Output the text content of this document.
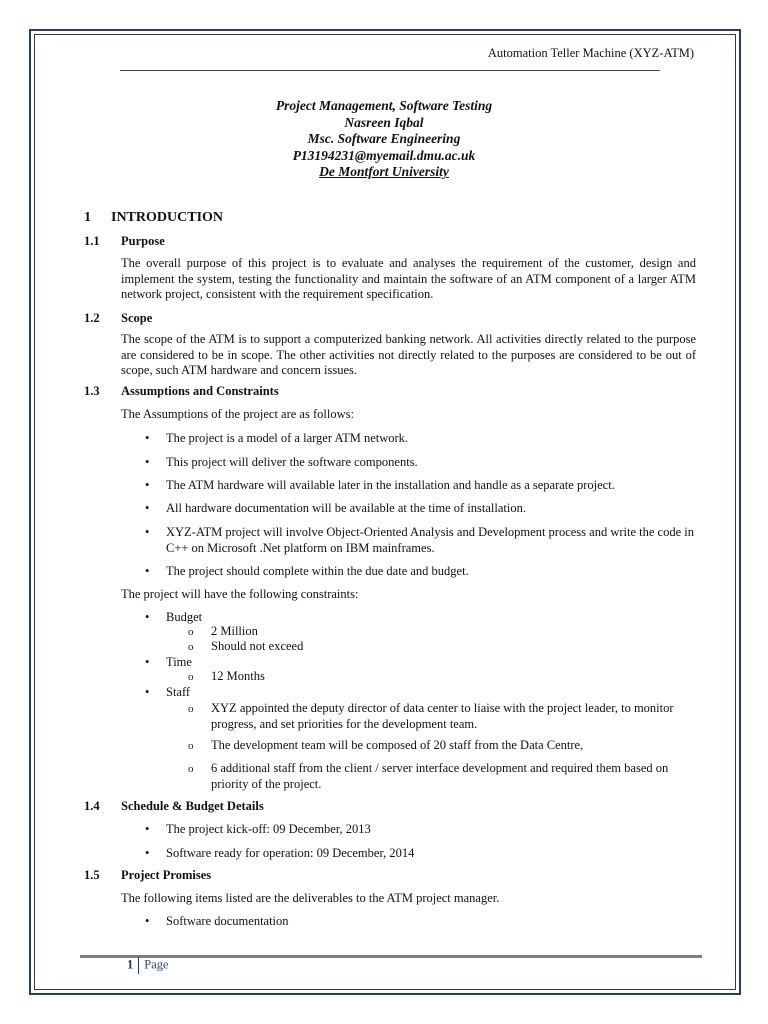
Automation Teller Machine (XYZ-ATM)
Project Management, Software Testing
Nasreen Iqbal
Msc. Software Engineering
P13194231@myemail.dmu.ac.uk
De Montfort University
1 INTRODUCTION
1.1 Purpose
The overall purpose of this project is to evaluate and analyses the requirement of the customer, design and implement the system, testing the functionality and maintain the software of an ATM component of a larger ATM network project, consistent with the requirement specification.
1.2 Scope
The scope of the ATM is to support a computerized banking network. All activities directly related to the purpose are considered to be in scope. The other activities not directly related to the purposes are considered to be out of scope, such ATM hardware and concern issues.
1.3 Assumptions and Constraints
The Assumptions of the project are as follows:
• The project is a model of a larger ATM network.
• This project will deliver the software components.
• The ATM hardware will available later in the installation and handle as a separate project.
• All hardware documentation will be available at the time of installation.
• XYZ-ATM project will involve Object-Oriented Analysis and Development process and write the code in C++ on Microsoft .Net platform on IBM mainframes.
• The project should complete within the due date and budget.
The project will have the following constraints:
• Budget
o 2 Million
o Should not exceed
• Time
o 12 Months
• Staff
o XYZ appointed the deputy director of data center to liaise with the project leader, to monitor progress, and set priorities for the development team.
o The development team will be composed of 20 staff from the Data Centre,
o 6 additional staff from the client / server interface development and required them based on priority of the project.
1.4 Schedule & Budget Details
• The project kick-off: 09 December, 2013
• Software ready for operation: 09 December, 2014
1.5 Project Promises
The following items listed are the deliverables to the ATM project manager.
• Software documentation
1 Page
